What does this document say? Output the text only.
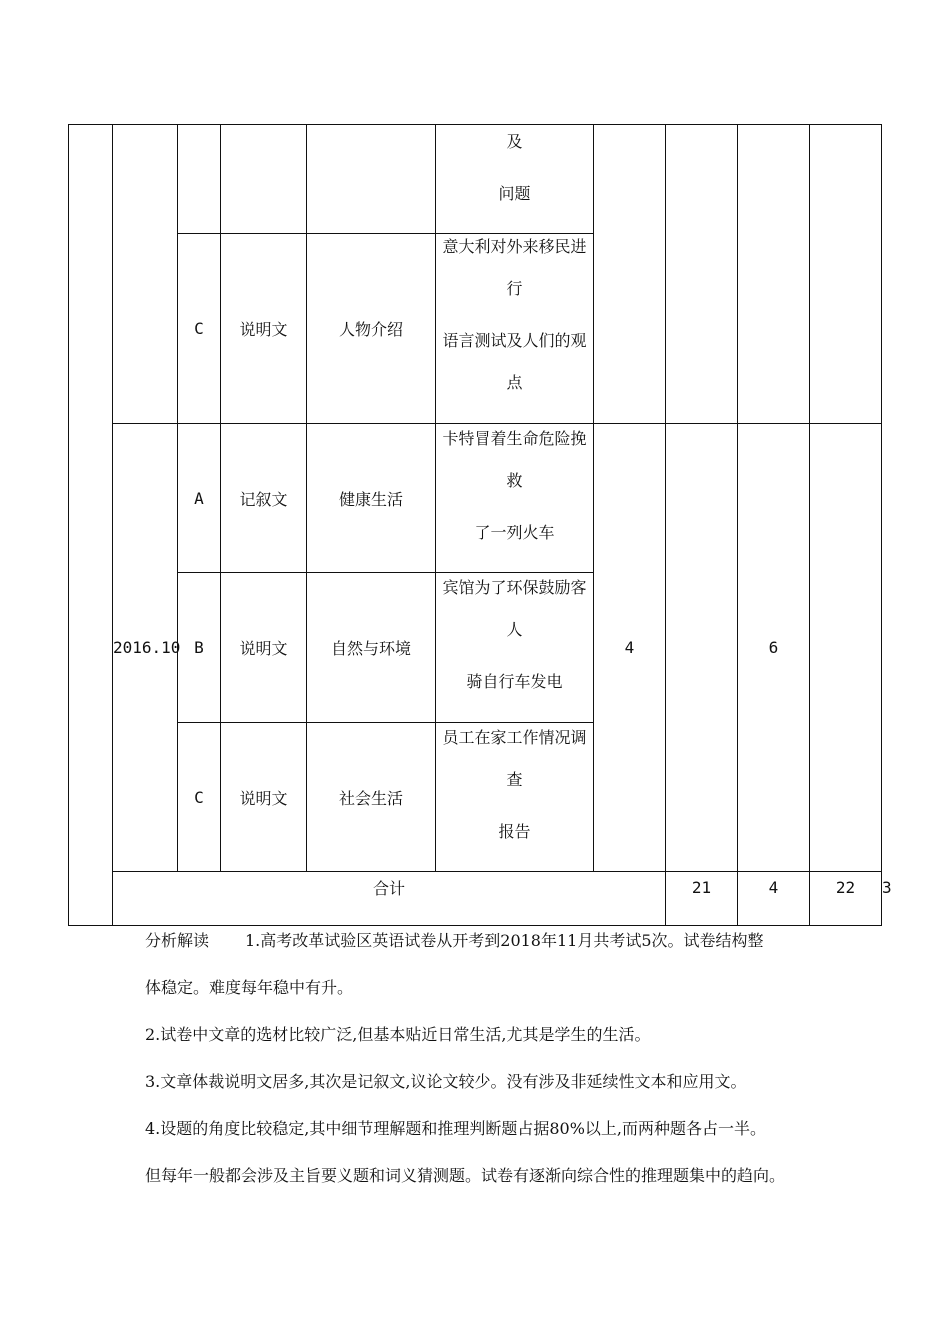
					及
问题					

		C	说明文	人物介绍	意大利对外来移民进
行
语言测试及人们的观
点					

	2016.10	A	记叙文	健康生活	卡特冒着生命危险挽
救
了一列火车	4		6		
		B	说明文	自然与环境	宾馆为了环保鼓励客
人
骑自行车发电					

		C	说明文	社会生活	员工在家工作情况调
查
报告					

	合计						21	4	22	3

分析解读 1.高考改革试验区英语试卷从开考到2018年11月共考试5次。试卷结构整

体稳定。难度每年稳中有升。

2.试卷中文章的选材比较广泛,但基本贴近日常生活,尤其是学生的生活。

3.文章体裁说明文居多,其次是记叙文,议论文较少。没有涉及非延续性文本和应用文。

4.设题的角度比较稳定,其中细节理解题和推理判断题占据80%以上,而两种题各占一半。

但每年一般都会涉及主旨要义题和词义猜测题。试卷有逐渐向综合性的推理题集中的趋向。
